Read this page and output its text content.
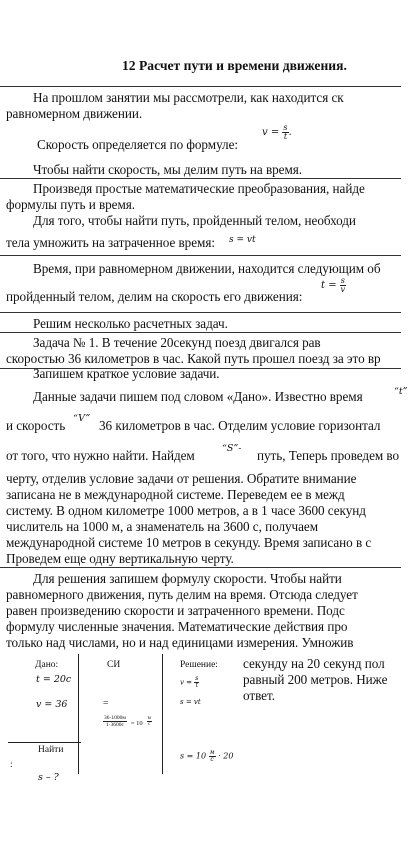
12 Расчет пути и времени движения.
На прошлом занятии мы рассмотрели, как находится ск
равномерном движении.
Скорость определяется по формуле:
$v = \frac{s}{t}$ .
Чтобы найти скорость, мы делим путь на время.
Произведя простые математические преобразования, найде
формулы путь и время.
Для того, чтобы найти путь, пройденный телом, необходи
тела умножить на затраченное время: s = vt
Время, при равномерном движении, находится следующим об
пройденный телом, делим на скорость его движения:
$t = \frac{s}{v}$
Решим несколько расчетных задач.
Задача № 1. В течение 20секунд поезд двигался рав
скоростью 36 километров в час. Какой путь прошел поезд за это вр
Запишем краткое условие задачи.
Данные задачи пишем под словом «Дано». Известно время	“t”
и скорость “V” 36 километров в час. Отделим условие горизонтал
от того, что нужно найти. Найдем	“S”- путь, Теперь проведем во
черту, отделив условие задачи от решения. Обратите внимание
записана не в международной системе. Переведем ее в межд
систему. В одном километре 1000 метров, а в 1 часе 3600 секунд
числитель на 1000 м, а знаменатель на 3600 с, получаем
международной системе 10 метров в секунду. Время записано в с
Проведем еще одну вертикальную черту.
Для решения запишем формулу скорости. Чтобы найти
равномерного движения, путь делим на время. Отсюда следует
равен произведению скорости и затраченного времени. Подс
формулу численные значения. Математические действия про
только над числами, но и над единицами измерения. Умножив
секунду на 20 секунд пол
равный 200 метров. Ниже
ответ.
Дано:	СИ	Решение:
t = 20с
v = 36	=
$\frac{36\cdot 1000м}{1\cdot 3600с} = 10 \frac{м}{с}$
$v = \frac{s}{t}$
s = vt
Найти
:
s – ?
$s = 10 \frac{м}{с} \cdot 20$
